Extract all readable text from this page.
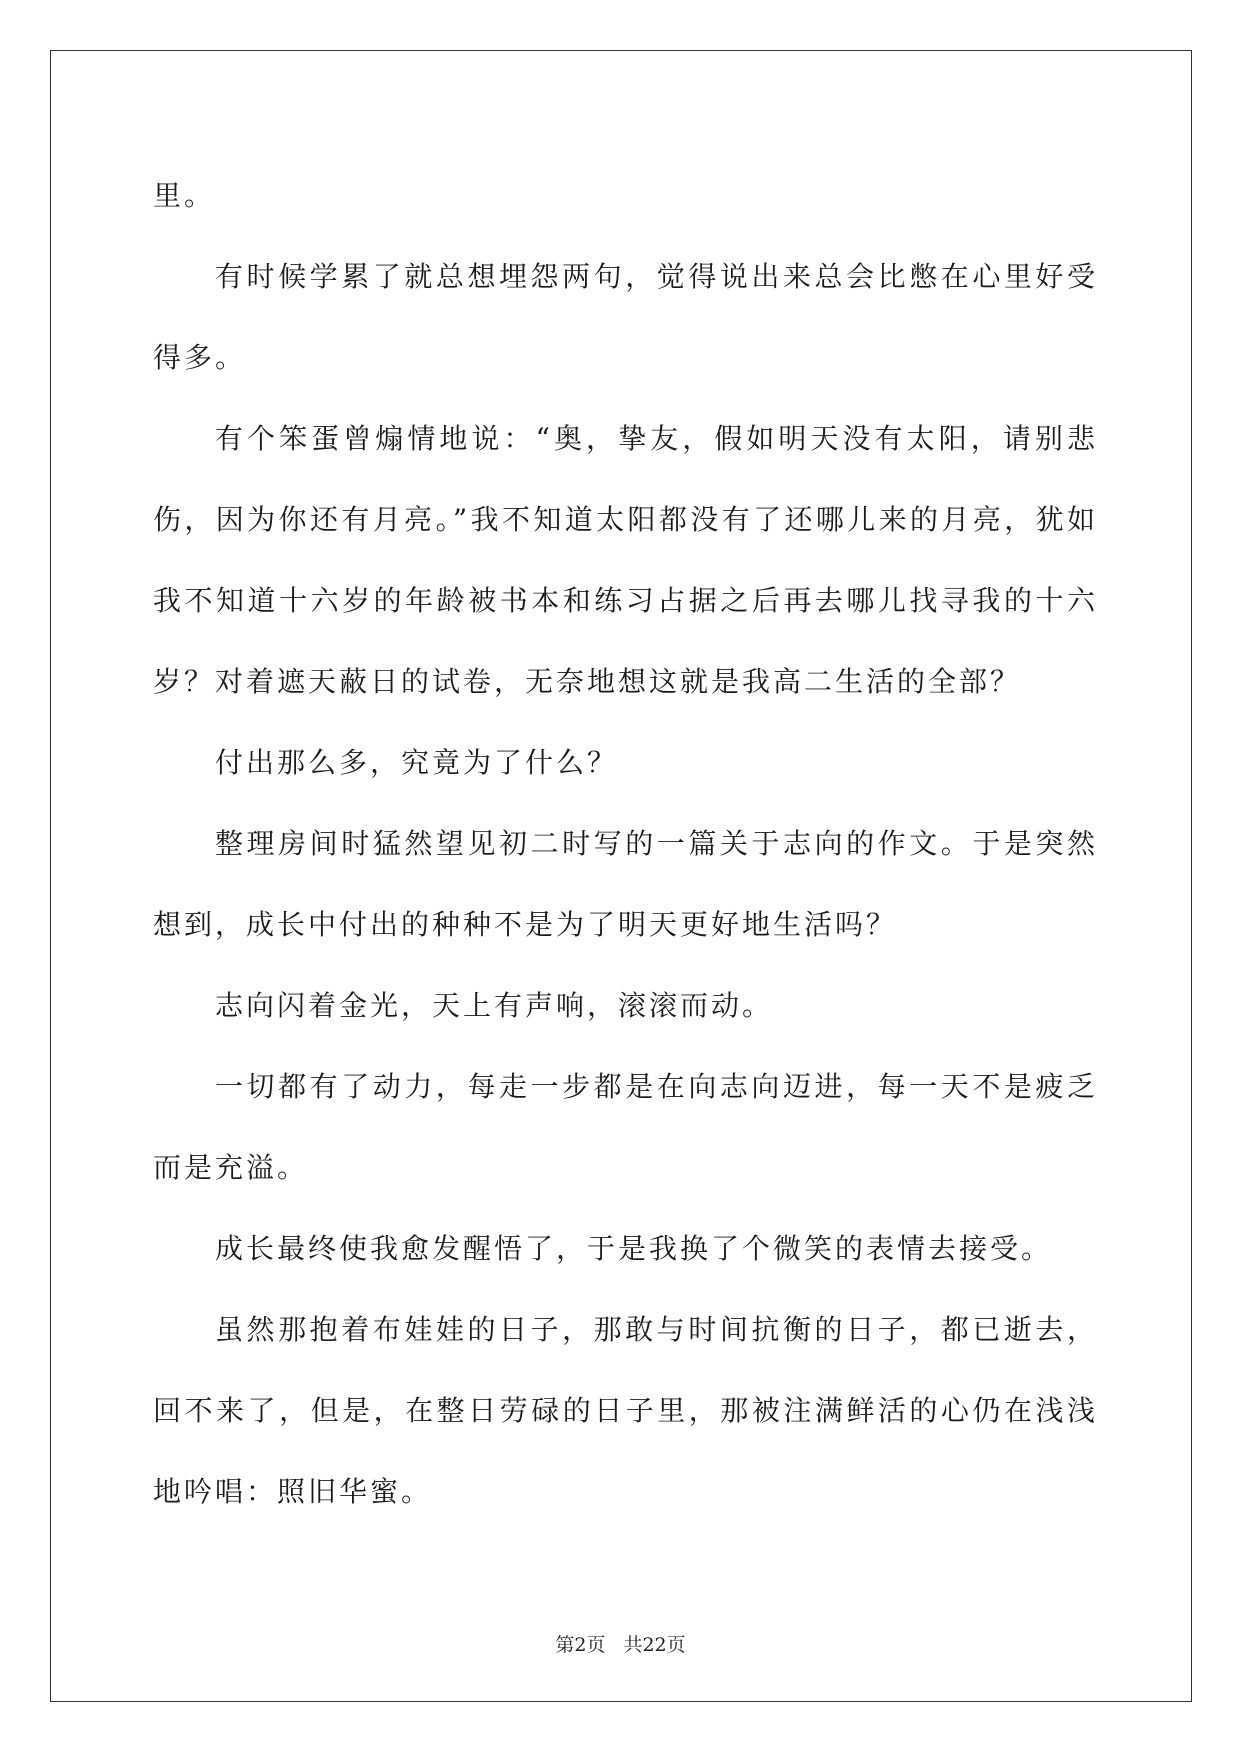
里。

有时候学累了就总想埋怨两句，觉得说出来总会比憋在心里好受得多。

有个笨蛋曾煽情地说：“奥，挚友，假如明天没有太阳，请别悲伤，因为你还有月亮。”我不知道太阳都没有了还哪儿来的月亮，犹如我不知道十六岁的年龄被书本和练习占据之后再去哪儿找寻我的十六岁？对着遮天蔽日的试卷，无奈地想这就是我高二生活的全部？

付出那么多，究竟为了什么？

整理房间时猛然望见初二时写的一篇关于志向的作文。于是突然想到，成长中付出的种种不是为了明天更好地生活吗？

志向闪着金光，天上有声响，滚滚而动。

一切都有了动力，每走一步都是在向志向迈进，每一天不是疲乏而是充溢。

成长最终使我愈发醒悟了，于是我换了个微笑的表情去接受。

虽然那抱着布娃娃的日子，那敢与时间抗衡的日子，都已逝去，回不来了，但是，在整日劳碌的日子里，那被注满鲜活的心仍在浅浅地吟唱：照旧华蜜。

第2页 共22页
